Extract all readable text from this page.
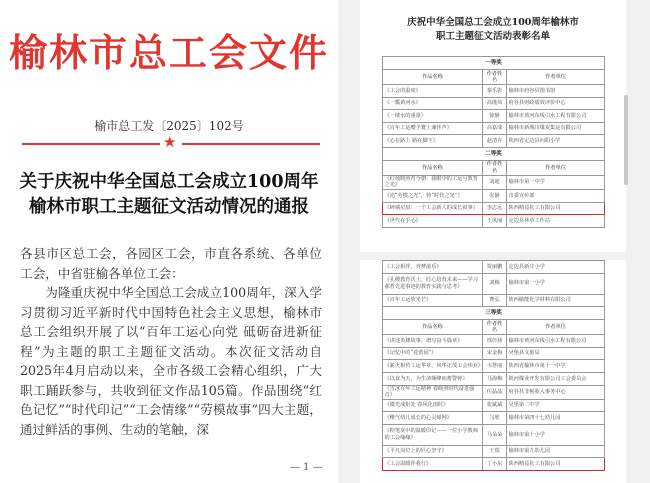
榆林市总工会文件
榆市总工发〔2025〕102号
★
关于庆祝中华全国总工会成立100周年
榆林市职工主题征文活动情况的通报

各县市区总工会，各园区工会，市直各系统、各单位工会，中省驻榆各单位工会：

为隆重庆祝中华全国总工会成立100周年，深入学习贯彻习近平新时代中国特色社会主义思想，榆林市总工会组织开展了以“百年工运心向党 砥砺奋进新征程”为主题的职工主题征文活动。本次征文活动自2025年4月启动以来，全市各级工会精心组织，广大职工踊跃参与，共收到征文作品105篇。作品围绕“红色记忆”“时代印记”“工会情缘”“劳模故事”四大主题，通过鲜活的事例、生动的笔触，深

— 1 —
庆祝中华全国总工会成立100周年榆林市
职工主题征文活动表彰名单
一等奖		
作品名称	作者姓名	作者单位
《工会的温度》	秦乐影	榆林市府谷县图书馆
《一瓢黄河水》	高瑾凤	府谷县财政绩效评价中心
《一缕水的重量》	徐静	榆林市黄河东线引水工程有限公司
《百年工运赠予寰土兼佳声》	高嘉成	榆林市新城川煤炭集运有限公司
《心在路上 路在脚下》	赵清卉	陕西省定边县向阳小学
二等奖		
作品名称	作者姓名	作者单位
《红烛映照育今朝：我眼中的工运与教育之光》	刘迪	榆林市第一中学
《追“劳模之光”，铸“时代之光”》	张静	市委宣传部
《碎墙星辰：一个工会新人的成长叙事》	李志远	陕西精益化工有限公司
《世代在手心》	王凤丽	定边县林草工作站
《工会相伴，青梦滋乐》	贾丽鹏	定边县新庄小学
《孔稷教育沃土，匠心培育未来——学习郝哲先进事迹的教育实践与思考》	刘梅	榆林市第一小学
《百年工运放光芒》	曹弘	陕西榆能化学材料有限公司
三等奖		
作品名称	作者姓名	作者单位
《讲述英雄故事，谱写奋斗篇章》	邢佳扬	榆林市黄河东线引水工程有限公司
《记忆中的“花蕾园”》	宋金梅	吴堡县文旅局
《薪火相传工运华章，风华正茂工会伟业》	韦慧丽	陕西省榆林市第十一中学
《以食为天，为生命颠峰而蓄警钟》	马海梅	锁河煤业开发有限公司工会委员会
《雪冰在年工运精神 春映照时代奋进强音》	任晶晶	府谷县非税收入事务中心
《微光成炬处 春风化雨时》	张斌斌	吴堡第二中学
《稚气幼儿成长的心灵缔网》	马欣	榆林市第四十七幼儿园
《粉笔灰中的温暖印记——一位小学教师的工会缘缘》	马朵朵	榆林市第十小学
《平凡岗位上的匠心坚守》	王瑞	榆林市第九幼儿园
《工会温暖伴我行》	丁小东	陕西精益化工有限公司
